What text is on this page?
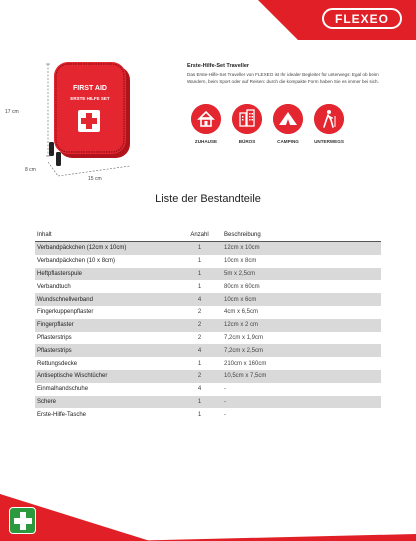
FLEXEO
FIRST AID
ERSTE HILFE SET
17 cm
8 cm
15 cm
Erste-Hilfe-Set Traveller
Das Erste-Hilfe-Set Traveller von FLEXEO ist Ihr idealer Begleiter für unterwegs: Egal ob beim Wandern, beim Sport oder auf Reisen: durch die kompakte Form haben Sie es immer bei sich.
ZUHAUSE	BÜROS	CAMPING	UNTERWEGS
Liste der Bestandteile
Inhalt	Anzahl	Beschreibung
Verbandpäckchen (12cm x 10cm)	1	12cm x 10cm
Verbandpäckchen (10 x 8cm)	1	10cm x 8cm
Heftpflasterspule	1	5m x 2,5cm
Verbandtuch	1	80cm x 60cm
Wundschnellverband	4	10cm x 6cm
Fingerkuppenpflaster	2	4cm x 6,5cm
Fingerpflaster	2	12cm x 2 cm
Pflasterstrips	2	7,2cm x 1,9cm
Pflasterstrips	4	7,2cm x 2,5cm
Rettungsdecke	1	210cm x 160cm
Antiseptische Wischtücher	2	10,5cm x 7,5cm
Einmalhandschuhe	4	-
Schere	1	-
Erste-Hilfe-Tasche	1	-
